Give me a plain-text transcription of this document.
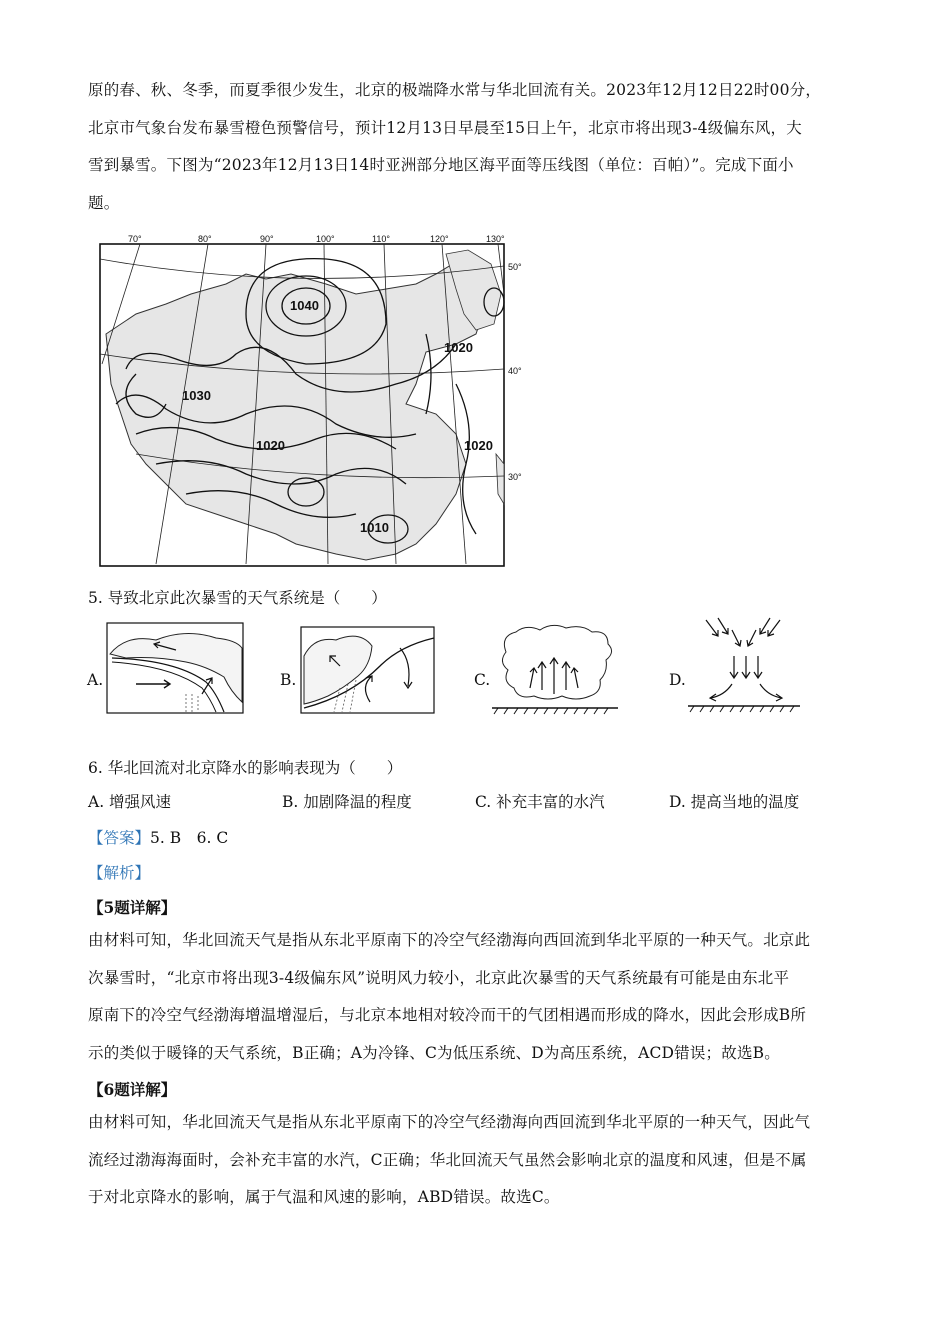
原的春、秋、冬季，而夏季很少发生，北京的极端降水常与华北回流有关。2023年12月12日22时00分，
北京市气象台发布暴雪橙色预警信号，预计12月13日早晨至15日上午，北京市将出现3-4级偏东风，大
雪到暴雪。下图为“2023年12月13日14时亚洲部分地区海平面等压线图（单位：百帕）”。完成下面小
题。
70°	80°	90°	100°	110°	120°	130°
50°
40°
30°
1040
1030
1020
1020	1020
1010
5. 导致北京此次暴雪的天气系统是（　　）
A.	B.	C.	D.
6. 华北回流对北京降水的影响表现为（　　）
A. 增强风速	B. 加剧降温的程度	C. 补充丰富的水汽	D. 提高当地的温度
【答案】5. B　6. C
【解析】
【5题详解】
由材料可知，华北回流天气是指从东北平原南下的冷空气经渤海向西回流到华北平原的一种天气。北京此
次暴雪时，“北京市将出现3-4级偏东风”说明风力较小，北京此次暴雪的天气系统最有可能是由东北平
原南下的冷空气经渤海增温增湿后，与北京本地相对较冷而干的气团相遇而形成的降水，因此会形成B所
示的类似于暖锋的天气系统，B正确；A为冷锋、C为低压系统、D为高压系统，ACD错误；故选B。
【6题详解】
由材料可知，华北回流天气是指从东北平原南下的冷空气经渤海向西回流到华北平原的一种天气，因此气
流经过渤海海面时，会补充丰富的水汽，C正确；华北回流天气虽然会影响北京的温度和风速，但是不属
于对北京降水的影响，属于气温和风速的影响，ABD错误。故选C。
